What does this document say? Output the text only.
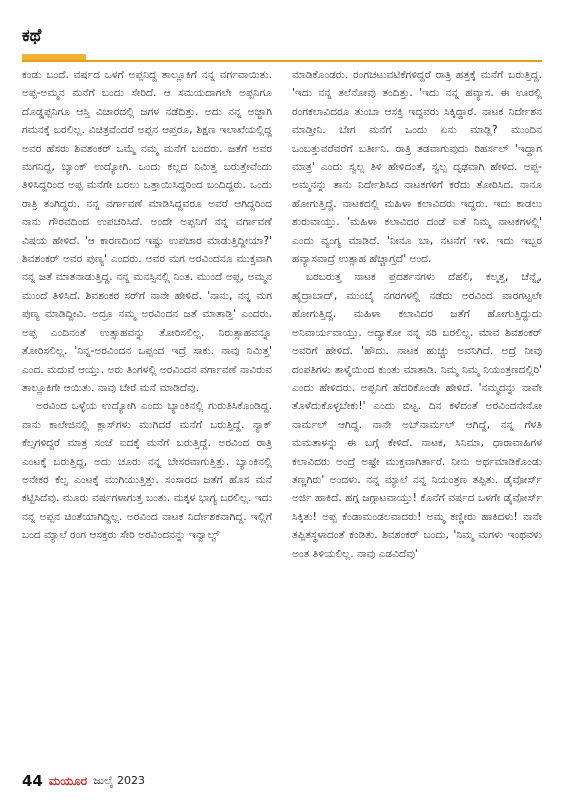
ಕಥೆ

ಕಂಡು ಬಂದೆ. ವರ್ಷದ ಒಳಗೆ ಅಪ್ಪನಿದ್ದ ತಾಲ್ಲೂಕಿಗೆ ನನ್ನ ವರ್ಗವಾಯಿತು. ಅಪ್ಪ-ಅಮ್ಮನ ಮನೆಗೆ ಬಂದು ಸೇರಿದೆ. ಆ ಸಮಯದಾಗಲೇ ಅಪ್ಪನಿಗೂ ದೊಡ್ಡಪ್ಪನಿಗೂ ಆಸ್ತಿ ವಿಚಾರದಲ್ಲಿ ಜಗಳ ನಡೆದಿತ್ತು. ಅದು ನನ್ನ ಅಜ್ಜಾಗಿ ಗಮನಕ್ಕೆ ಬರಲಿಲ್ಲ. ವಿಚಿತ್ರವೆಂದರೆ ಅಪ್ಪನ ಆಪ್ತರೂ, ಶಿಕ್ಷಣ ಇಲಾಖೆಯಲ್ಲಿದ್ದ ಅವರ ಹೆಸರು ಶಿವಶಂಕರ್ ಒಮ್ಮೆ ನಮ್ಮ ಮನೆಗೆ ಬಂದರು. ಜತೆಗೆ ಅವರ ಮಗನಿದ್ದ, ಬ್ಯಾಂಕ್ ಉದ್ಯೋಗಿ. ಒಂದು ಕಲ್ಲದ ನಿಮಿತ್ತ ಬರುತ್ತೇವೆಂದು ತಿಳಿಸಿದ್ದರಿಂದ ಅಪ್ಪ ಮನೆಗೇ ಬರಲು ಒತ್ತಾಯಿಸಿದ್ದರಿಂದ ಬಂದಿದ್ದರು. ಒಂದು ರಾತ್ರಿ ತಂಗಿದ್ದರು. ನನ್ನ ವರ್ಗಾವಣೆ ಮಾಡಿಸಿದ್ದವರೂ ಅವರೆ ಆಗಿದ್ದರಿಂದ ನಾನು ಗೌರವದಿಂದ ಉಪಚರಿಸಿದೆ. ಅಂದೇ ಅಪ್ಪನಿಗೆ ನನ್ನ ವರ್ಗಾವಣೆ ವಿಷಯ ಹೇಳಿದೆ. 'ಆ ಕಾರಣದಿಂದ ಇಷ್ಟು ಉಪಚಾರ ಮಾಡುತ್ತಿದ್ದೀಯಾ?' ಶಿವಶಂಕರ್ ಅವರ ಪುಣ್ಯ' ಎಂದರು. ಅವರ ಮಗ ಅರವಿಂದನೂ ಮುಕ್ತವಾಗಿ ನನ್ನ ಜತೆ ಮಾತನಾಡುತ್ತಿದ್ದ. ನನ್ನ ಮನಸ್ಸಿನಲ್ಲಿ ನಿಂತ. ಮುಂದೆ ಅಪ್ಪ, ಅಮ್ಮನ ಮುಂದೆ ತಿಳಿಸಿದೆ. ಶಿವಶಂಕರ ಸರ್‌ಗೆ ನಾನೇ ಹೇಳಿದೆ. 'ನಾನು, ನನ್ನ ಮಗ ಪುಣ್ಯ ಮಾಡಿದ್ದೀವಿ. ಅದ್ರೂ ನಮ್ಮ ಅರವಿಂದನ ಜತೆ ಮಾತಾಡ್ತಿ' ಎಂದರು. ಅಪ್ಪ ಎಂದಿನಂತೆ ಉತ್ಸಾಹವನ್ನು ತೋರಿಸಲಿಲ್ಲ. ನಿರುತ್ಸಾಹವನ್ನೂ ತೋರಿಸಲಿಲ್ಲ. 'ನಿನ್ನ-ಅರವಿಂದನ ಒಪ್ಪಂದ ಇದ್ರೆ ಸಾಕು. ನಾವು ನಿಮಿತ್ತ' ಎಂದ. ಮದುವೆ ಆಯ್ತು. ಅರು ತಿಂಗಳಲ್ಲಿ ಅರವಿಂದನ ವರ್ಗಾವಣೆ ನಾವಿರುವ ತಾಲ್ಲೂಕಿಗೇ ಆಯಿತು. ನಾವು ಬೇರೆ ಮನೆ ಮಾಡಿದೆವು.

ಅರವಿಂದ ಒಳ್ಳೆಯ ಉದ್ಯೋಗಿ ಎಂದು ಬ್ಯಾಂಕಿನಲ್ಲಿ ಗುರುತಿಸಿಕೊಂಡಿದ್ದ. ನಾನು ಕಾಲೇಜಿನಲ್ಲಿ ಕ್ಲಾಸ್‌ಗಳು ಮುಗಿದರೆ ಮನೆಗೆ ಬರುತ್ತಿದ್ದೆ. ನ್ಯಾಕ್ ಕೆಲ್ಸಗಳಿದ್ದರೆ ಮಾತ್ರ ಸಂಜೆ ಐದಕ್ಕೆ ಮನೆಗೆ ಬರುತ್ತಿದ್ದೆ. ಅರವಿಂದ ರಾತ್ರಿ ಎಂಟಕ್ಕೆ ಬರುತ್ತಿದ್ದ, ಅದು ಚೂರು ನನ್ನ ಬೇಸರವಾಗುತ್ತಿತ್ತು. ಬ್ಯಾಂಕಿನಲ್ಲಿ ಅನೇಕರ ಕೆಲ್ಸ ಎಂಟಕ್ಕೆ ಮುಗಿಯುತ್ತಿತ್ತು. ಸಂಸಾರದ ಜತೆಗೆ ಹೊಸ ಮನೆ ಕಟ್ಟಿಸಿದೆವು. ಮೂರು ವರ್ಷಗಳಾಗುತ್ತ ಬಂತು. ಮಕ್ಕಳ ಭಾಗ್ಯ ಬರಲಿಲ್ಲ. ಇದು ನನ್ನ ಅಪ್ಪನ ಚಿಂತೆಯಾಗಿದ್ದಿಲ್ಲ. ಅರವಿಂದ ನಾಟಕ ನಿರ್ದೇಶಕನಾಗಿದ್ದ. ಇಲ್ಲಿಗೆ ಬಂದ ಮ್ಯಾಲೆ ರಂಗ ಆಸಕ್ತರು ಸೇರಿ ಅರವಿಂದನನ್ನು ಇನ್ವಾಲ್ವ್

ಮಾಡಿಕೊಂಡರು. ರಂಗಚಟುವಟಿಕೆಗಳಿದ್ದರೆ ರಾತ್ರಿ ಹತ್ತಕ್ಕೆ ಮನೆಗೆ ಬರುತ್ತಿದ್ದ. 'ಇದು ನನ್ನ ತಲೆನೋವು ತಂದಿತ್ತು. 'ಇದು ನನ್ನ ಹವ್ಯಾಸ. ಈ ಊರಲ್ಲಿ ರಂಗಕಲಾವಿದರೂ ತುಂಬಾ ಆಸಕ್ತಿ ಇದ್ದವರು ಸಿಕ್ಕಿದ್ದಾರೆ. ನಾಟಕ ನಿರ್ದೇಶನ ಮಾಡ್ತೀನಿ. ಬೇಗ ಮನೆಗೆ ಒಂದು ಏನು ಮಾಡ್ಲಿ? ಮುಂದಿನ ಒಂಬತ್ತುವರೆವರೆಗೆ ಬರ್ತೀನಿ. ರಾತ್ರಿ ತಡವಾಗುವುದು ರಿಹರ್ಸಲ್ 'ಇದ್ದಾಗ ಮಾತ್ರ' ಎಂದು ಸ್ವಲ್ಪ ತಿಳಿ ಹೇಳಿದಂತೆ, ಸ್ವಲ್ಪ ದೃಢವಾಗಿ ಹೇಳಿದ. ಅಪ್ಪ-ಅಮ್ಮನನ್ನು ತಾನು ನಿರ್ದೇಶಿಸಿದ ನಾಟಕಗಳಿಗೆ ಕರೆದು ತೋರಿಸಿದ. ನಾನೂ ಹೋಗುತ್ತಿದ್ದೆ. ನಾಟಕದಲ್ಲಿ ಮಹಿಳಾ ಕಲಾವಿದರು ಇದ್ದರು. ಇದು ಕಾಡಲು ಶುರುವಾಯ್ತು. 'ಮಹಿಳಾ ಕಲಾವಿದರ ದಂಡೆ ಐತೆ ನಿಮ್ಮ ನಾಟಕಗಳಲ್ಲಿ' ಎಂದು ವ್ಯಂಗ್ಯ ಮಾಡಿದೆ. 'ನೀನೂ ಬಾ, ನಟನೆಗೆ ಇಳಿ. ಇದು ಇಬ್ಬರ ಹವ್ಯಾಸವಾದ್ರೆ ಉತ್ಸಾಹ ಹೆಚ್ಚಾಗ್ತದೆ' ಅಂದ.

ಬರಬರುತ್ತ ನಾಟಕ ಪ್ರದರ್ಶನಗಳು ದೆಹಲಿ, ಕಲ್ಕತ್ತ, ಚೆನ್ನೈ, ಹೈದ್ರಾಬಾದ್, ಮುಂಬೈ ನಗರಗಳಲ್ಲಿ ನಡೆದು ಅರವಿಂದ ವಾರಗಟ್ಟಲೇ ಹೋಗುತ್ತಿದ್ದ. ಮಹಿಳಾ ಕಲಾವಿದರ ಜತೆಗೆ ಹೋಗುತ್ತಿದ್ದುದು ಅನಿವಾರ್ಯವಾಯ್ತು. ಅದ್ಯಾಕೋ ನನ್ನ ಸರಿ ಬರಲಿಲ್ಲ. ಮಾವ ಶಿವಶಂಕರ್ ಅವರಿಗೆ ಹೇಳಿದೆ. 'ಹೌದು. ನಾಟಕ ಹುಚ್ಚು ಅವನಿಗಿದೆ. ಅದ್ರೆ ನೀವು ದಂಪತಿಗಳು ತಾಳ್ಮೆಯಿಂದ ಕುಂತು ಮಾತಾಡಿ. ನಿಮ್ಮ ನಿಮ್ಮ ನಿಯಂತ್ರಣದಲ್ಲಿರಿ' ಎಂದು ಹೇಳಿದರು. ಅಪ್ಪನಿಗೆ ಹೆದರಿಕೊಂಡೇ ಹೇಳಿದೆ. 'ನಮ್ಮದನ್ನು ನಾವೇ ತೊಳೆದುಕೊಳ್ಳಬೇಕು!' ಎಂದು ಬಿಟ್ಟ. ದಿನ ಕಳೆದಂತೆ ಅರವಿಂದನೇನೋ ನಾರ್ಮಲ್ ಆಗಿದ್ದ. ನಾನೇ ಅಬ್‌ನಾರ್ಮಲ್ ಆಗಿದ್ದೆ, ನನ್ನ ಗೆಳತಿ ಮಮತಾಳನ್ನು ಈ ಬಗ್ಗೆ ಕೇಳಿದೆ. ನಾಟಕ, ಸಿನಿಮಾ, ಧಾರಾವಾಹಿಗಳ ಕಲಾವಿದರು ಅಂದ್ರೆ ಅಷ್ಟೇ ಮುಕ್ತವಾಗಿರ್ತಾರೆ. ನೀನು ಅರ್ಥಮಾಡಿಕೊಂಡು ತಣ್ಣಗಿರು' ಅಂದಳು. ನನ್ನ ಮ್ಯಾಲೆ ನನ್ನ ನಿಯಂತ್ರಣ ತಪ್ಪಿತು. ಡೈವೋರ್ಸ್ ಅರ್ಜಿ ಹಾಕಿದೆ. ಹಗ್ಗ ಜಗ್ಗಾಟವಾಯ್ತು! ಕೊನೆಗೆ ವರ್ಷದ ಒಳಗೇ ಡೈವೋರ್ಸ್ ಸಿಕ್ಕಿತು! ಅಪ್ಪ ಕೆಂಡಾಮಂಡಲವಾದರು! ಅಮ್ಮ ಕಣ್ಣೀರು ಹಾಕಿದಳು! ನಾನೇ ತಪ್ಪಿತಸ್ಥಳಾದಂತೆ ಕಂಡಿತು. ಶಿವಶಂಕರ್ ಬಂದು, 'ನಿಮ್ಮ ಮಗಳು ಇಂಥವಳು ಅಂತ ತಿಳಿಯಲಿಲ್ಲ. ನಾವು ಎಡವಿದೆವು'

44 ಮಯೂರ ಜುಲೈ 2023
